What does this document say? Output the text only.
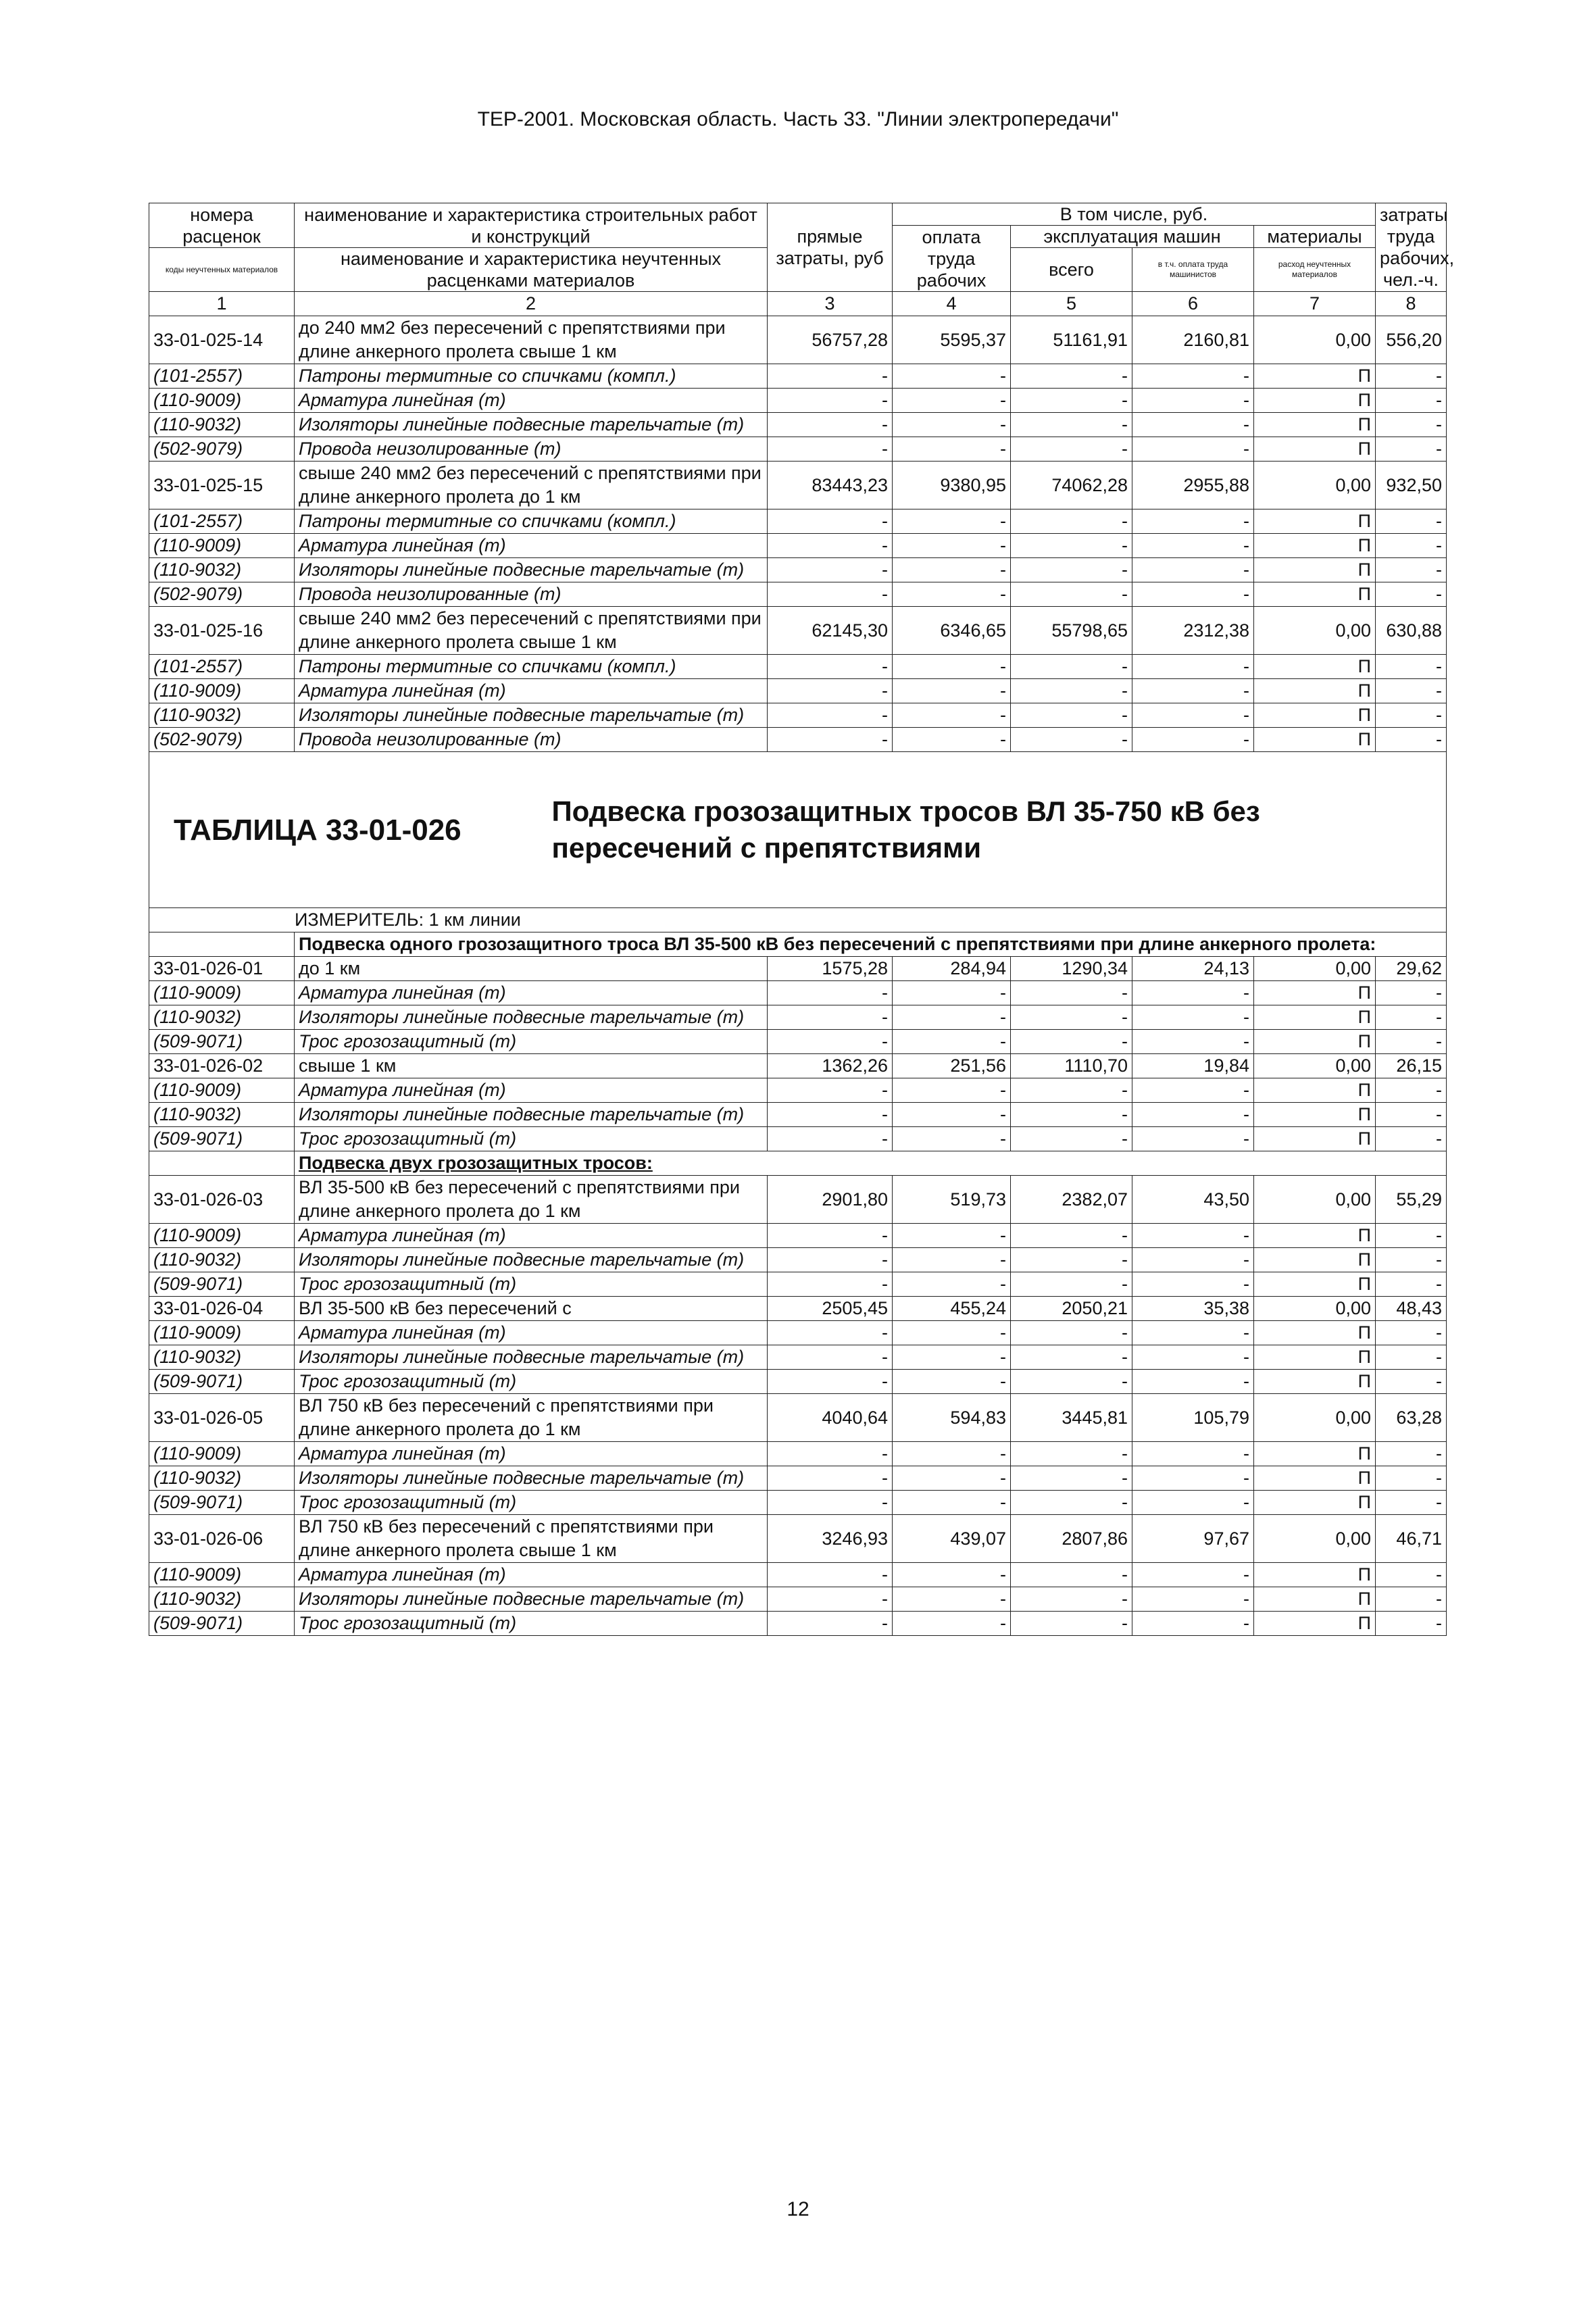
ТЕР-2001. Московская область. Часть 33. "Линии электропередачи"
номера расценок	наименование и характеристика строительных работ и конструкций	прямые затраты, руб	В том числе, руб.				затраты труда рабочих, чел.-ч.
			оплата труда рабочих	эксплуатация машин		материалы	
коды неучтенных материалов	наименование и характеристика неучтенных расценками материалов			всего	в т.ч. оплата труда машинистов	расход неучтенных материалов	

1	2	3	4	5	6	7	8
33-01-025-14	до 240 мм2 без пересечений с препятствиями при длине анкерного пролета свыше 1 км	56757,28	5595,37	51161,91	2160,81	0,00	556,20
(101-2557)	Патроны термитные со спичками (компл.)	-	-	-	-	П	-
(110-9009)	Арматура линейная (т)	-	-	-	-	П	-
(110-9032)	Изоляторы линейные подвесные тарельчатые (т)	-	-	-	-	П	-
(502-9079)	Провода неизолированные (т)	-	-	-	-	П	-
33-01-025-15	свыше 240 мм2 без пересечений с препятствиями при длине анкерного пролета до 1 км	83443,23	9380,95	74062,28	2955,88	0,00	932,50
(101-2557)	Патроны термитные со спичками (компл.)	-	-	-	-	П	-
(110-9009)	Арматура линейная (т)	-	-	-	-	П	-
(110-9032)	Изоляторы линейные подвесные тарельчатые (т)	-	-	-	-	П	-
(502-9079)	Провода неизолированные (т)	-	-	-	-	П	-
33-01-025-16	свыше 240 мм2 без пересечений с препятствиями при длине анкерного пролета свыше 1 км	62145,30	6346,65	55798,65	2312,38	0,00	630,88
(101-2557)	Патроны термитные со спичками (компл.)	-	-	-	-	П	-
(110-9009)	Арматура линейная (т)	-	-	-	-	П	-
(110-9032)	Изоляторы линейные подвесные тарельчатые (т)	-	-	-	-	П	-
(502-9079)	Провода неизолированные (т)	-	-	-	-	П	-

ТАБЛИЦА 33-01-026
Подвеска грозозащитных тросов ВЛ 35-750 кВ без пересечений с препятствиями							

ИЗМЕРИТЕЛЬ: 1 км линии							
	Подвеска одного грозозащитного троса ВЛ 35-500 кВ без пересечений с препятствиями при длине анкерного пролета:						
33-01-026-01	до 1 км	1575,28	284,94	1290,34	24,13	0,00	29,62
(110-9009)	Арматура линейная (т)	-	-	-	-	П	-
(110-9032)	Изоляторы линейные подвесные тарельчатые (т)	-	-	-	-	П	-
(509-9071)	Трос грозозащитный (т)	-	-	-	-	П	-
33-01-026-02	свыше 1 км	1362,26	251,56	1110,70	19,84	0,00	26,15
(110-9009)	Арматура линейная (т)	-	-	-	-	П	-
(110-9032)	Изоляторы линейные подвесные тарельчатые (т)	-	-	-	-	П	-
(509-9071)	Трос грозозащитный (т)	-	-	-	-	П	-
	Подвеска двух грозозащитных тросов:						
33-01-026-03	ВЛ 35-500 кВ без пересечений с препятствиями при длине анкерного пролета до 1 км	2901,80	519,73	2382,07	43,50	0,00	55,29
(110-9009)	Арматура линейная (т)	-	-	-	-	П	-
(110-9032)	Изоляторы линейные подвесные тарельчатые (т)	-	-	-	-	П	-
(509-9071)	Трос грозозащитный (т)	-	-	-	-	П	-
33-01-026-04	ВЛ 35-500 кВ без пересечений с	2505,45	455,24	2050,21	35,38	0,00	48,43
(110-9009)	Арматура линейная (т)	-	-	-	-	П	-
(110-9032)	Изоляторы линейные подвесные тарельчатые (т)	-	-	-	-	П	-
(509-9071)	Трос грозозащитный (т)	-	-	-	-	П	-
33-01-026-05	ВЛ 750 кВ без пересечений с препятствиями при длине анкерного пролета до 1 км	4040,64	594,83	3445,81	105,79	0,00	63,28
(110-9009)	Арматура линейная (т)	-	-	-	-	П	-
(110-9032)	Изоляторы линейные подвесные тарельчатые (т)	-	-	-	-	П	-
(509-9071)	Трос грозозащитный (т)	-	-	-	-	П	-
33-01-026-06	ВЛ 750 кВ без пересечений с препятствиями при длине анкерного пролета свыше 1 км	3246,93	439,07	2807,86	97,67	0,00	46,71
(110-9009)	Арматура линейная (т)	-	-	-	-	П	-
(110-9032)	Изоляторы линейные подвесные тарельчатые (т)	-	-	-	-	П	-
(509-9071)	Трос грозозащитный (т)	-	-	-	-	П	-
12
